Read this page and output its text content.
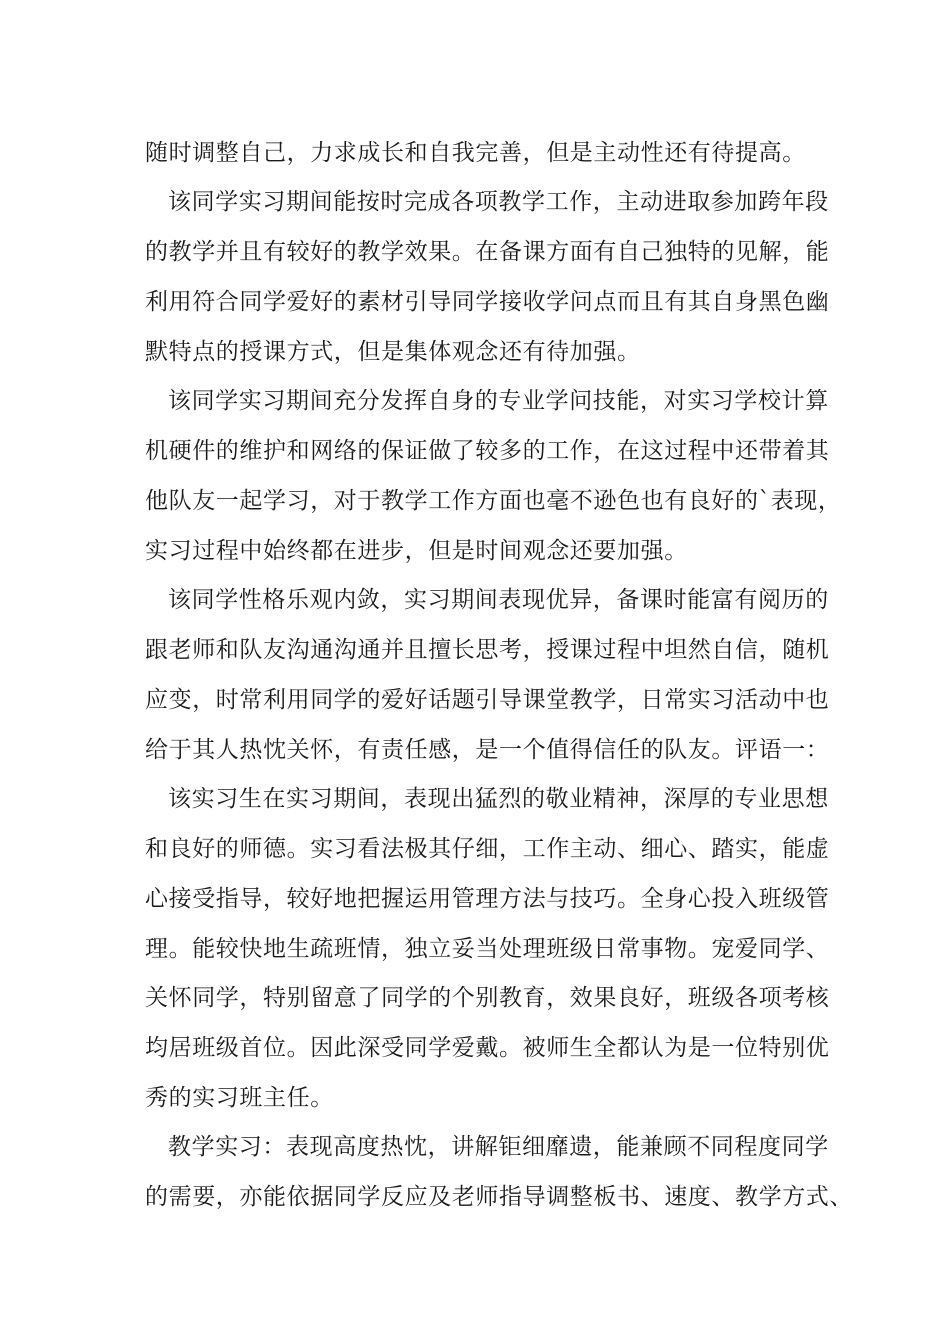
随时调整自己，力求成长和自我完善，但是主动性还有待提高。
该同学实习期间能按时完成各项教学工作，主动进取参加跨年段
的教学并且有较好的教学效果。在备课方面有自己独特的见解，能
利用符合同学爱好的素材引导同学接收学问点而且有其自身黑色幽
默特点的授课方式，但是集体观念还有待加强。
该同学实习期间充分发挥自身的专业学问技能，对实习学校计算
机硬件的维护和网络的保证做了较多的工作，在这过程中还带着其
他队友一起学习，对于教学工作方面也毫不逊色也有良好的`表现，
实习过程中始终都在进步，但是时间观念还要加强。
该同学性格乐观内敛，实习期间表现优异，备课时能富有阅历的
跟老师和队友沟通沟通并且擅长思考，授课过程中坦然自信，随机
应变，时常利用同学的爱好话题引导课堂教学，日常实习活动中也
给于其人热忱关怀，有责任感，是一个值得信任的队友。评语一：
该实习生在实习期间，表现出猛烈的敬业精神，深厚的专业思想
和良好的师德。实习看法极其仔细，工作主动、细心、踏实，能虚
心接受指导，较好地把握运用管理方法与技巧。全身心投入班级管
理。能较快地生疏班情，独立妥当处理班级日常事物。宠爱同学、
关怀同学，特别留意了同学的个别教育，效果良好，班级各项考核
均居班级首位。因此深受同学爱戴。被师生全都认为是一位特别优
秀的实习班主任。
教学实习：表现高度热忱，讲解钜细靡遗，能兼顾不同程度同学
的需要，亦能依据同学反应及老师指导调整板书、速度、教学方式、
